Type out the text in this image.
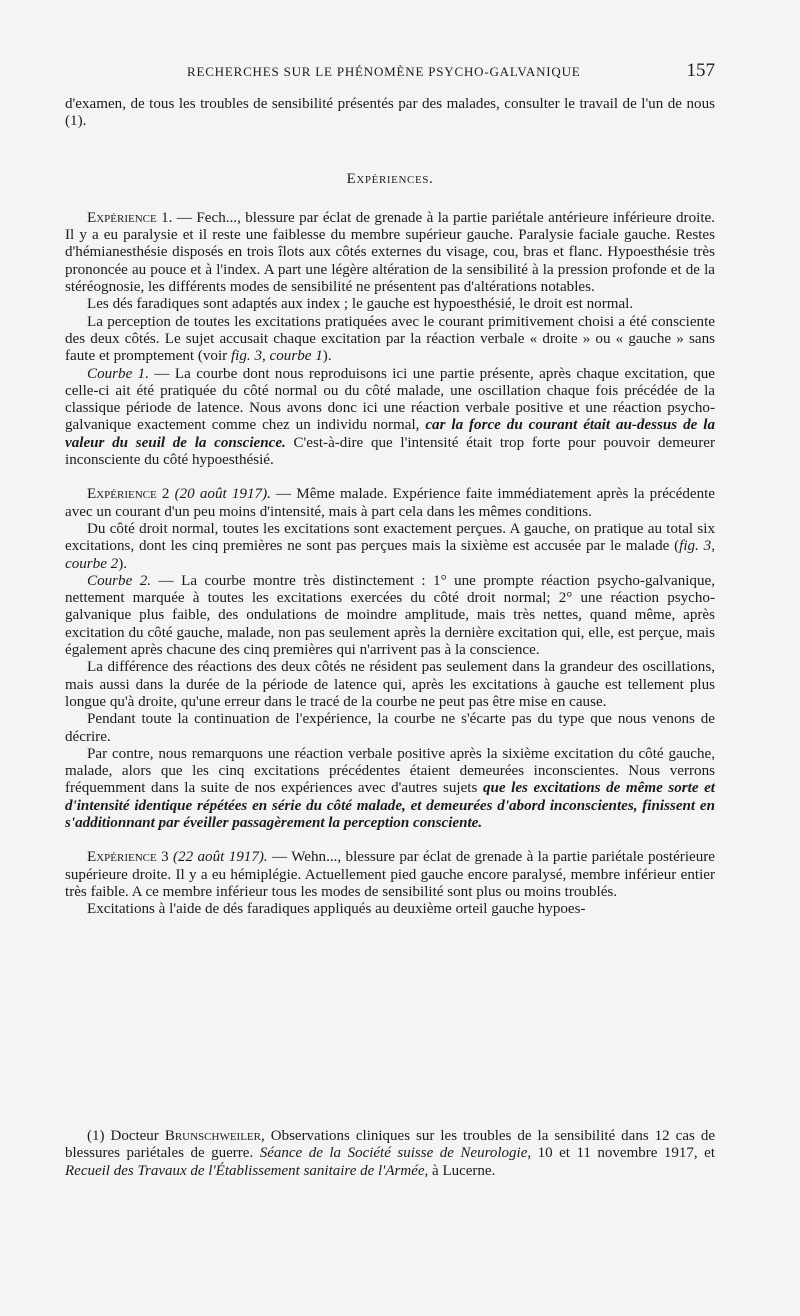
RECHERCHES SUR LE PHÉNOMÈNE PSYCHO-GALVANIQUE	157

d'examen, de tous les troubles de sensibilité présentés par des malades, consulter le travail de l'un de nous (1).

Expériences.

Expérience 1. — Fech..., blessure par éclat de grenade à la partie pariétale antérieure inférieure droite. Il y a eu paralysie et il reste une faiblesse du membre supérieur gauche. Paralysie faciale gauche. Restes d'hémianesthésie disposés en trois îlots aux côtés externes du visage, cou, bras et flanc. Hypoesthésie très prononcée au pouce et à l'index. A part une légère altération de la sensibilité à la pression profonde et de la stéréognosie, les différents modes de sensibilité ne présentent pas d'altérations notables.

Les dés faradiques sont adaptés aux index ; le gauche est hypoesthésié, le droit est normal.

La perception de toutes les excitations pratiquées avec le courant primitivement choisi a été consciente des deux côtés. Le sujet accusait chaque excitation par la réaction verbale « droite » ou « gauche » sans faute et promptement (voir fig. 3, courbe 1).

Courbe 1. — La courbe dont nous reproduisons ici une partie présente, après chaque excitation, que celle-ci ait été pratiquée du côté normal ou du côté malade, une oscillation chaque fois précédée de la classique période de latence. Nous avons donc ici une réaction verbale positive et une réaction psycho-galvanique exactement comme chez un individu normal, car la force du courant était au-dessus de la valeur du seuil de la conscience. C'est-à-dire que l'intensité était trop forte pour pouvoir demeurer inconsciente du côté hypoesthésié.

Expérience 2 (20 août 1917). — Même malade. Expérience faite immédiatement après la précédente avec un courant d'un peu moins d'intensité, mais à part cela dans les mêmes conditions.

Du côté droit normal, toutes les excitations sont exactement perçues. A gauche, on pratique au total six excitations, dont les cinq premières ne sont pas perçues mais la sixième est accusée par le malade (fig. 3, courbe 2).

Courbe 2. — La courbe montre très distinctement : 1° une prompte réaction psycho-galvanique, nettement marquée à toutes les excitations exercées du côté droit normal; 2° une réaction psycho-galvanique plus faible, des ondulations de moindre amplitude, mais très nettes, quand même, après excitation du côté gauche, malade, non pas seulement après la dernière excitation qui, elle, est perçue, mais également après chacune des cinq premières qui n'arrivent pas à la conscience.

La différence des réactions des deux côtés ne résident pas seulement dans la grandeur des oscillations, mais aussi dans la durée de la période de latence qui, après les excitations à gauche est tellement plus longue qu'à droite, qu'une erreur dans le tracé de la courbe ne peut pas être mise en cause.

Pendant toute la continuation de l'expérience, la courbe ne s'écarte pas du type que nous venons de décrire.

Par contre, nous remarquons une réaction verbale positive après la sixième excitation du côté gauche, malade, alors que les cinq excitations précédentes étaient demeurées inconscientes. Nous verrons fréquemment dans la suite de nos expériences avec d'autres sujets que les excitations de même sorte et d'intensité identique répétées en série du côté malade, et demeurées d'abord inconscientes, finissent en s'additionnant par éveiller passagèrement la perception consciente.

Expérience 3 (22 août 1917). — Wehn..., blessure par éclat de grenade à la partie pariétale postérieure supérieure droite. Il y a eu hémiplégie. Actuellement pied gauche encore paralysé, membre inférieur entier très faible. A ce membre inférieur tous les modes de sensibilité sont plus ou moins troublés.

Excitations à l'aide de dés faradiques appliqués au deuxième orteil gauche hypoes-

(1) Docteur Brunschweiler, Observations cliniques sur les troubles de la sensibilité dans 12 cas de blessures pariétales de guerre. Séance de la Société suisse de Neurologie, 10 et 11 novembre 1917, et Recueil des Travaux de l'Établissement sanitaire de l'Armée, à Lucerne.
